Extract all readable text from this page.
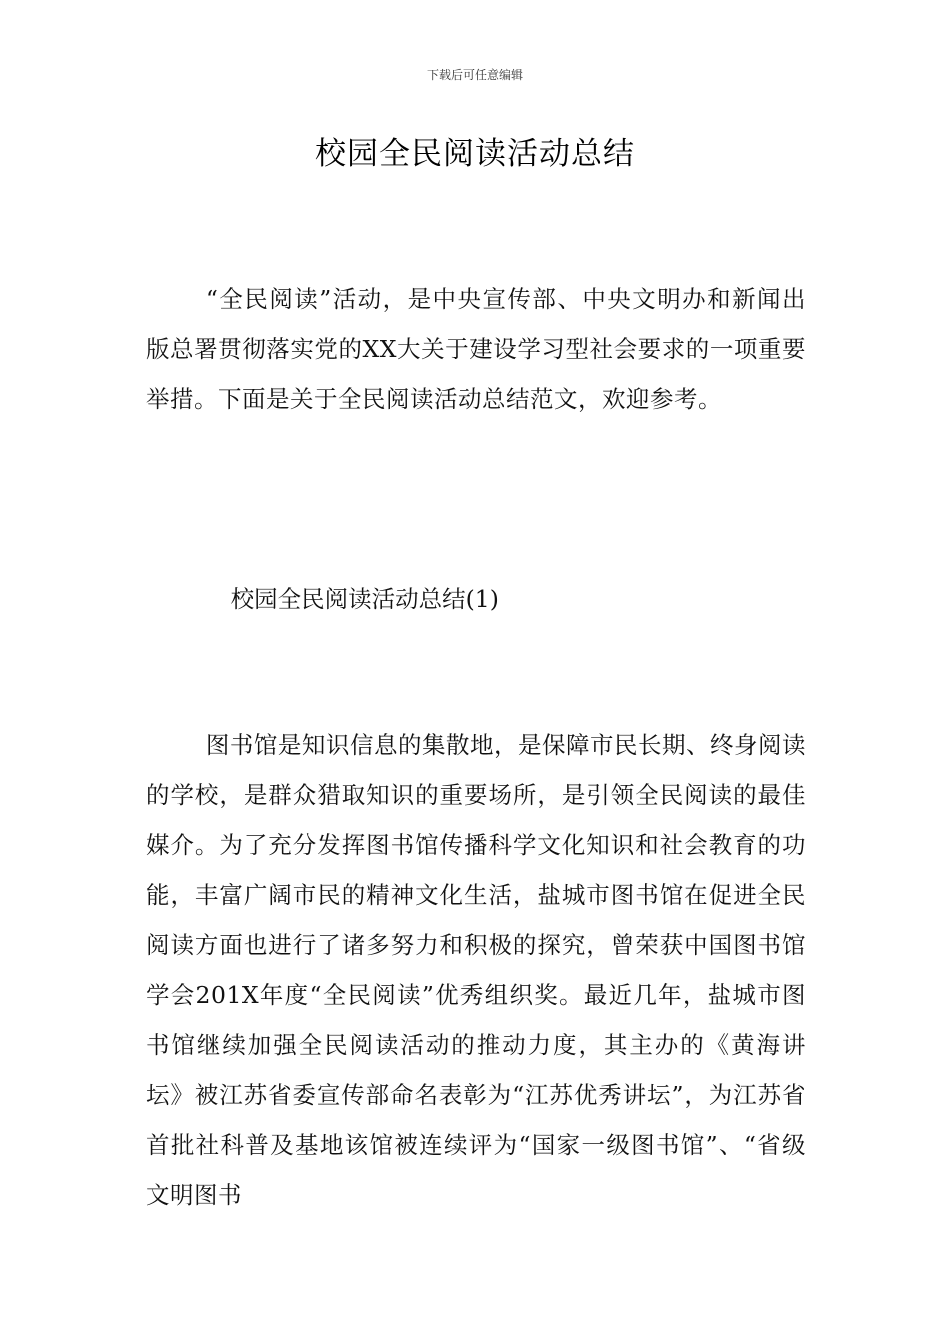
下载后可任意编辑
校园全民阅读活动总结

“全民阅读”活动，是中央宣传部、中央文明办和新闻出版总署贯彻落实党的XX大关于建设学习型社会要求的一项重要举措。下面是关于全民阅读活动总结范文，欢迎参考。

校园全民阅读活动总结(1)

图书馆是知识信息的集散地，是保障市民长期、终身阅读的学校，是群众猎取知识的重要场所，是引领全民阅读的最佳媒介。为了充分发挥图书馆传播科学文化知识和社会教育的功能，丰富广阔市民的精神文化生活，盐城市图书馆在促进全民阅读方面也进行了诸多努力和积极的探究，曾荣获中国图书馆学会201X年度“全民阅读”优秀组织奖。最近几年，盐城市图书馆继续加强全民阅读活动的推动力度，其主办的《黄海讲坛》被江苏省委宣传部命名表彰为“江苏优秀讲坛”，为江苏省首批社科普及基地该馆被连续评为“国家一级图书馆”、“省级文明图书
